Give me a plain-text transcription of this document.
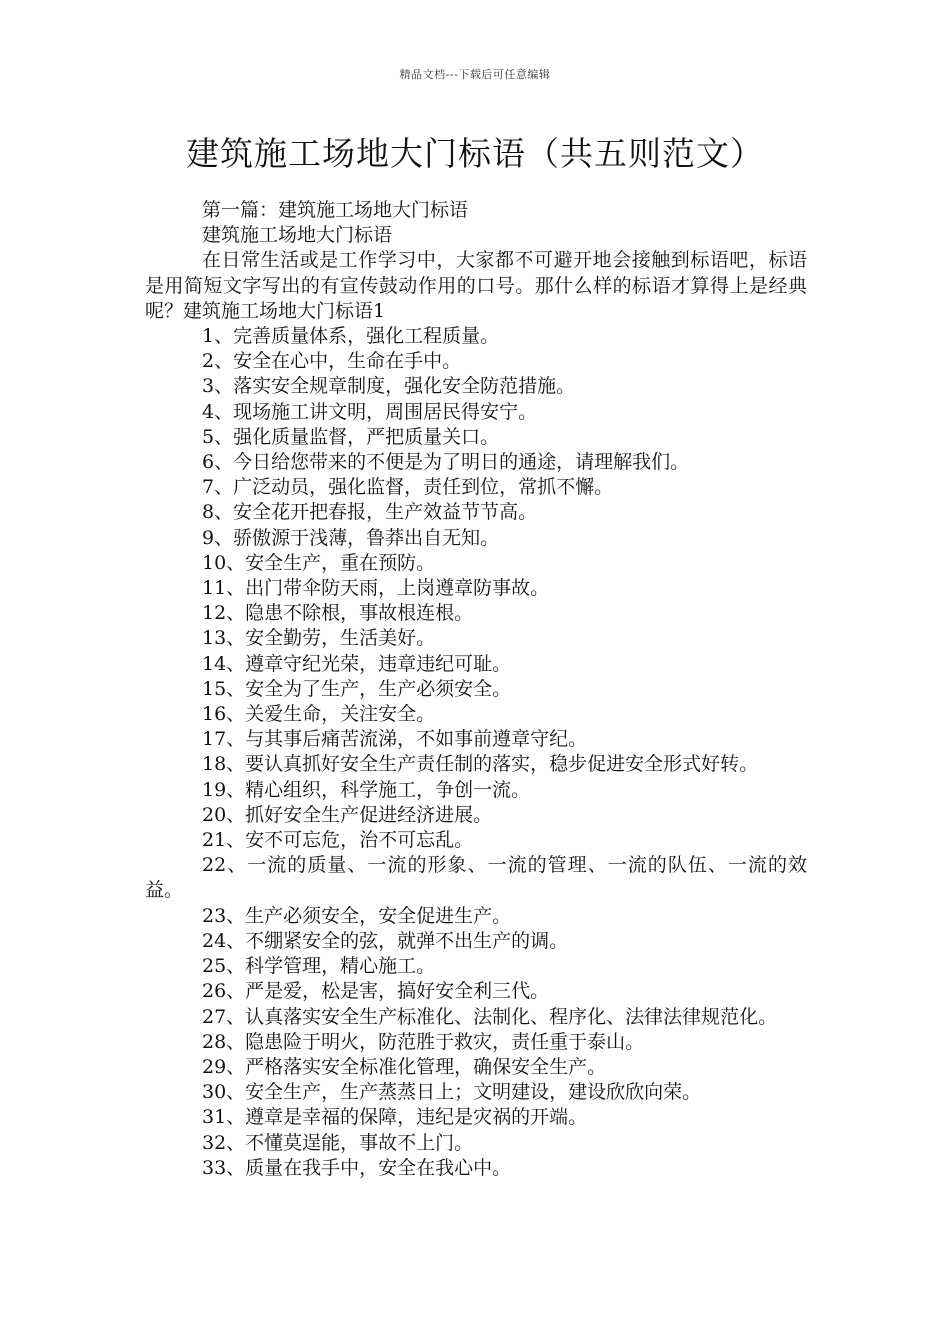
精品文档---下载后可任意编辑
建筑施工场地大门标语（共五则范文）

第一篇：建筑施工场地大门标语

建筑施工场地大门标语

在日常生活或是工作学习中，大家都不可避开地会接触到标语吧，标语是用简短文字写出的有宣传鼓动作用的口号。那什么样的标语才算得上是经典呢？建筑施工场地大门标语1

1、完善质量体系，强化工程质量。

2、安全在心中，生命在手中。

3、落实安全规章制度，强化安全防范措施。

4、现场施工讲文明，周围居民得安宁。

5、强化质量监督，严把质量关口。

6、今日给您带来的不便是为了明日的通途，请理解我们。

7、广泛动员，强化监督，责任到位，常抓不懈。

8、安全花开把春报，生产效益节节高。

9、骄傲源于浅薄，鲁莽出自无知。

10、安全生产，重在预防。

11、出门带伞防天雨，上岗遵章防事故。

12、隐患不除根，事故根连根。

13、安全勤劳，生活美好。

14、遵章守纪光荣，违章违纪可耻。

15、安全为了生产，生产必须安全。

16、关爱生命，关注安全。

17、与其事后痛苦流涕，不如事前遵章守纪。

18、要认真抓好安全生产责任制的落实，稳步促进安全形式好转。

19、精心组织，科学施工，争创一流。

20、抓好安全生产促进经济进展。

21、安不可忘危，治不可忘乱。

22、一流的质量、一流的形象、一流的管理、一流的队伍、一流的效益。

23、生产必须安全，安全促进生产。

24、不绷紧安全的弦，就弹不出生产的调。

25、科学管理，精心施工。

26、严是爱，松是害，搞好安全利三代。

27、认真落实安全生产标准化、法制化、程序化、法律法律规范化。

28、隐患险于明火，防范胜于救灾，责任重于泰山。

29、严格落实安全标准化管理，确保安全生产。

30、安全生产，生产蒸蒸日上；文明建设，建设欣欣向荣。

31、遵章是幸福的保障，违纪是灾祸的开端。

32、不懂莫逞能，事故不上门。

33、质量在我手中，安全在我心中。
